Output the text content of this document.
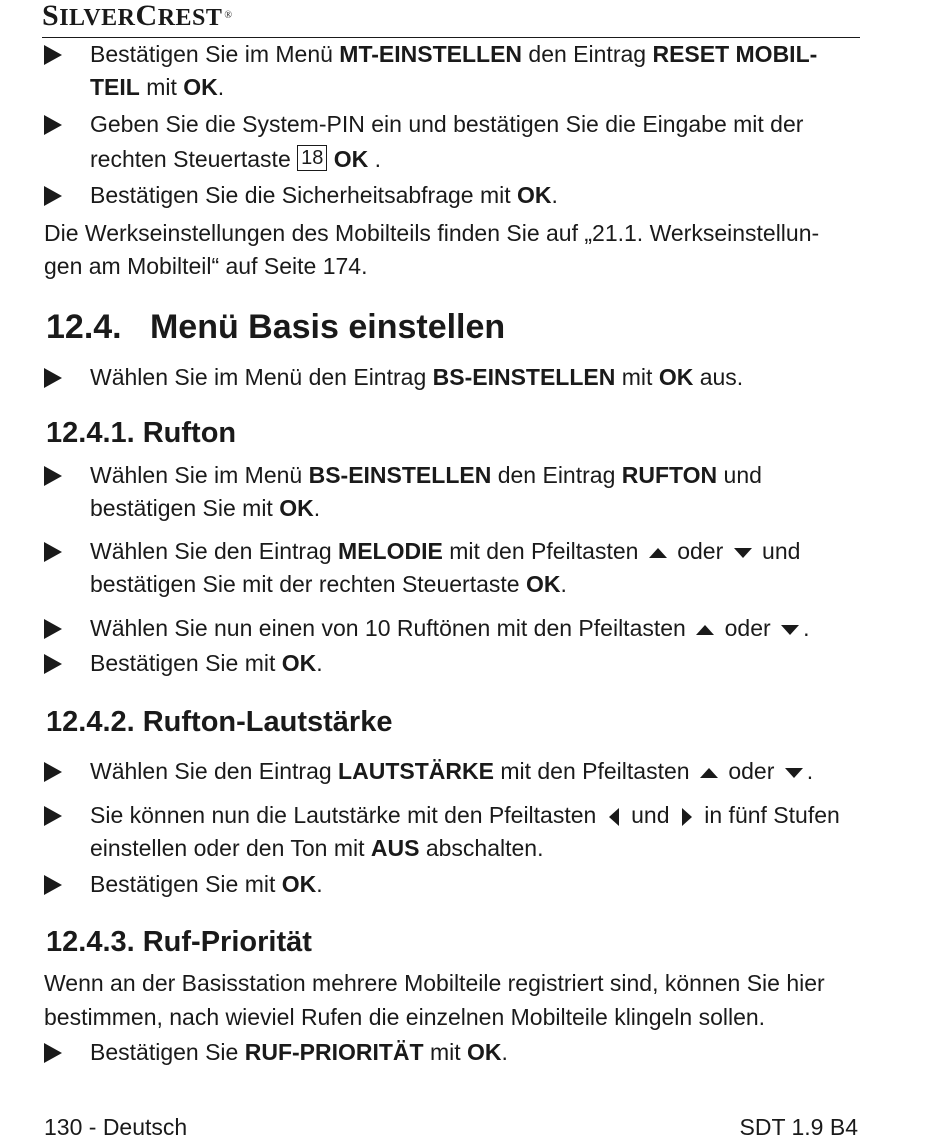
SILVERCREST ®
Bestätigen Sie im Menü MT-EINSTELLEN den Eintrag RESET MOBIL-
TEIL mit OK.
Geben Sie die System-PIN ein und bestätigen Sie die Eingabe mit der
rechten Steuertaste 18 OK .
Bestätigen Sie die Sicherheitsabfrage mit OK.
Die Werkseinstellungen des Mobilteils finden Sie auf „21.1. Werkseinstellun-
gen am Mobilteil“ auf Seite 174.
12.4.   Menü Basis einstellen
Wählen Sie im Menü den Eintrag BS-EINSTELLEN mit OK aus.
12.4.1. Rufton
Wählen Sie im Menü BS-EINSTELLEN den Eintrag RUFTON und
bestätigen Sie mit OK.
Wählen Sie den Eintrag MELODIE mit den Pfeiltasten  oder  und
bestätigen Sie mit der rechten Steuertaste OK.
Wählen Sie nun einen von 10 Ruftönen mit den Pfeiltasten  oder .
Bestätigen Sie mit OK.
12.4.2. Rufton-Lautstärke
Wählen Sie den Eintrag LAUTSTÄRKE mit den Pfeiltasten  oder .
Sie können nun die Lautstärke mit den Pfeiltasten  und  in fünf Stufen
einstellen oder den Ton mit AUS abschalten.
Bestätigen Sie mit OK.
12.4.3. Ruf-Priorität
Wenn an der Basisstation mehrere Mobilteile registriert sind, können Sie hier
bestimmen, nach wieviel Rufen die einzelnen Mobilteile klingeln sollen.
Bestätigen Sie RUF-PRIORITÄT mit OK.
130 - Deutsch	SDT 1.9 B4
